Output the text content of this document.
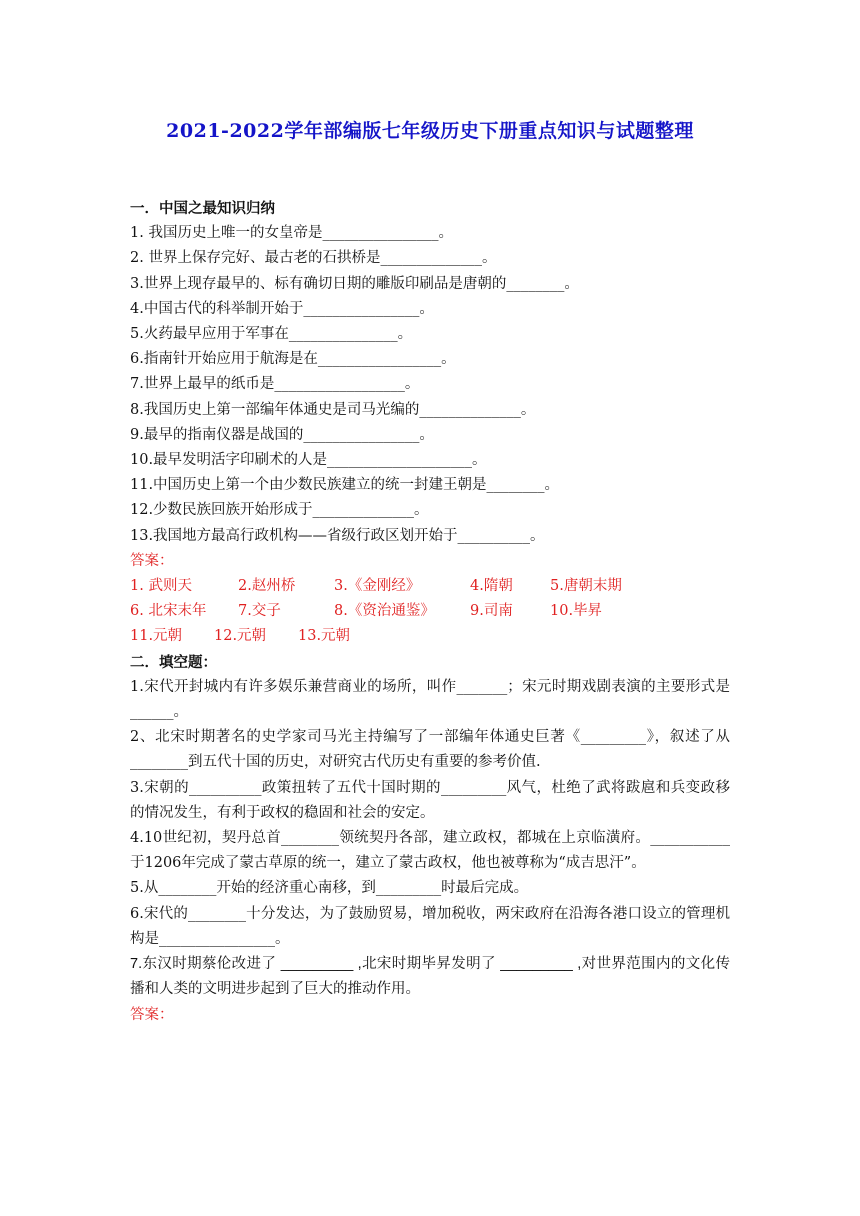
2021-2022学年部编版七年级历史下册重点知识与试题整理
一．中国之最知识归纳
1. 我国历史上唯一的女皇帝是________________。
2. 世界上保存完好、最古老的石拱桥是______________。
3.世界上现存最早的、标有确切日期的雕版印刷品是唐朝的________。
4.中国古代的科举制开始于________________。
5.火药最早应用于军事在_______________。
6.指南针开始应用于航海是在_________________。
7.世界上最早的纸币是__________________。
8.我国历史上第一部编年体通史是司马光编的______________。
9.最早的指南仪器是战国的________________。
10.最早发明活字印刷术的人是____________________。
11.中国历史上第一个由少数民族建立的统一封建王朝是________。
12.少数民族回族开始形成于______________。
13.我国地方最高行政机构——省级行政区划开始于__________。
答案：
1. 武则天	2.赵州桥	3.《金刚经》	4.隋朝	5.唐朝末期
6. 北宋末年 7.交子	8.《资治通鉴》 9.司南	10.毕昇
11.元朝 12.元朝 13.元朝
二．填空题：
1.宋代开封城内有许多娱乐兼营商业的场所，叫作_______；宋元时期戏剧表演的主要形式是______。
2、北宋时期著名的史学家司马光主持编写了一部编年体通史巨著《_________》，叙述了从________到五代十国的历史，对研究古代历史有重要的参考价值.
3.宋朝的__________政策扭转了五代十国时期的_________风气，杜绝了武将跋扈和兵变政移的情况发生，有利于政权的稳固和社会的安定。
4.10世纪初，契丹总首________领统契丹各部，建立政权，都城在上京临潢府。___________于1206年完成了蒙古草原的统一，建立了蒙古政权，他也被尊称为“成吉思汗”。
5.从________开始的经济重心南移，到_________时最后完成。
6.宋代的________十分发达，为了鼓励贸易，增加税收，两宋政府在沿海各港口设立的管理机构是________________。
7.东汉时期蔡伦改进了 _________ ,北宋时期毕昇发明了 _________ ,对世界范围内的文化传播和人类的文明进步起到了巨大的推动作用。
答案：
